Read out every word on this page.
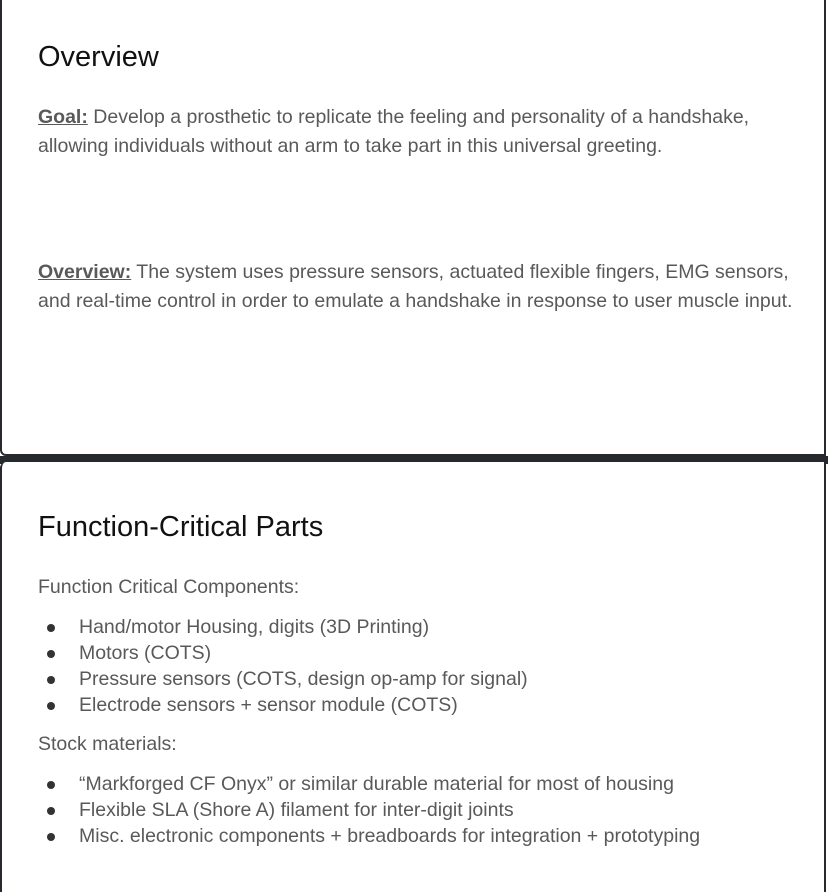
Overview

Goal: Develop a prosthetic to replicate the feeling and personality of a handshake, allowing individuals without an arm to take part in this universal greeting.

Overview: The system uses pressure sensors, actuated flexible fingers, EMG sensors, and real-time control in order to emulate a handshake in response to user muscle input.

Function-Critical Parts

Function Critical Components:

Hand/motor Housing, digits (3D Printing)
Motors (COTS)
Pressure sensors (COTS, design op-amp for signal)
Electrode sensors + sensor module (COTS)

Stock materials:

“Markforged CF Onyx” or similar durable material for most of housing
Flexible SLA (Shore A) filament for inter-digit joints
Misc. electronic components + breadboards for integration + prototyping
